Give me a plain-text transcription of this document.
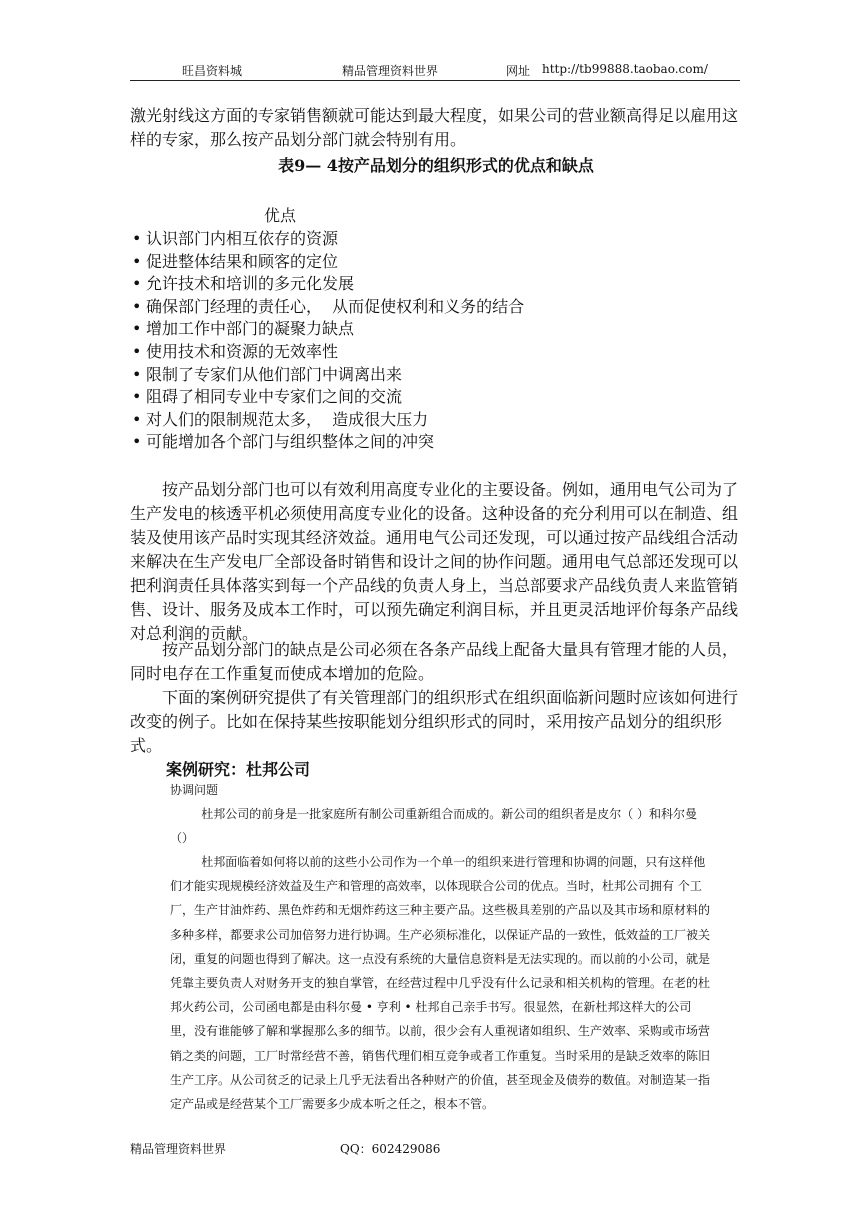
旺昌资料城	精品管理资料世界	网址 http://tb99888.taobao.com/

激光射线这方面的专家销售额就可能达到最大程度，如果公司的营业额高得足以雇用这样的专家，那么按产品划分部门就会特别有用。

表9— 4按产品划分的组织形式的优点和缺点
优点
• 认识部门内相互依存的资源
• 促进整体结果和顾客的定位
• 允许技术和培训的多元化发展
• 确保部门经理的责任心，  从而促使权利和义务的结合
• 增加工作中部门的凝聚力缺点
• 使用技术和资源的无效率性
• 限制了专家们从他们部门中调离出来
• 阻碍了相同专业中专家们之间的交流
• 对人们的限制规范太多，  造成很大压力
• 可能增加各个部门与组织整体之间的冲突

按产品划分部门也可以有效利用高度专业化的主要设备。例如，通用电气公司为了生产发电的核透平机必须使用高度专业化的设备。这种设备的充分利用可以在制造、组装及使用该产品时实现其经济效益。通用电气公司还发现，可以通过按产品线组合活动来解决在生产发电厂全部设备时销售和设计之间的协作问题。通用电气总部还发现可以把利润责任具体落实到每一个产品线的负责人身上，当总部要求产品线负责人来监管销售、设计、服务及成本工作时，可以预先确定利润目标，并且更灵活地评价每条产品线对总利润的贡献。

按产品划分部门的缺点是公司必须在各条产品线上配备大量具有管理才能的人员，同时电存在工作重复而使成本增加的危险。

下面的案例研究提供了有关管理部门的组织形式在组织面临新问题时应该如何进行改变的例子。比如在保持某些按职能划分组织形式的同时，采用按产品划分的组织形式。

案例研究：杜邦公司

协调问题

杜邦公司的前身是一批家庭所有制公司重新组合而成的。新公司的组织者是皮尔（ ）和科尔曼（）

杜邦面临着如何将以前的这些小公司作为一个单一的组织来进行管理和协调的问题，只有这样他们才能实现规模经济效益及生产和管理的高效率，以体现联合公司的优点。当时，杜邦公司拥有 个工厂，生产甘油炸药、黑色炸药和无烟炸药这三种主要产品。这些极具差别的产品以及其市场和原材料的多种多样，都要求公司加倍努力进行协调。生产必须标准化，以保证产品的一致性，低效益的工厂被关闭，重复的问题也得到了解决。这一点没有系统的大量信息资料是无法实现的。而以前的小公司，就是凭靠主要负责人对财务开支的独自掌管，在经营过程中几乎没有什么记录和相关机构的管理。在老的杜邦火药公司，公司函电都是由科尔曼 • 亨利 • 杜邦自己亲手书写。很显然，在新杜邦这样大的公司里，没有谁能够了解和掌握那么多的细节。以前，很少会有人重视诸如组织、生产效率、采购或市场营销之类的问题，工厂时常经营不善，销售代理们相互竞争或者工作重复。当时采用的是缺乏效率的陈旧生产工序。从公司贫乏的记录上几乎无法看出各种财产的价值，甚至现金及债券的数值。对制造某一指定产品或是经营某个工厂需要多少成本听之任之，根本不管。

精品管理资料世界	QQ：602429086
